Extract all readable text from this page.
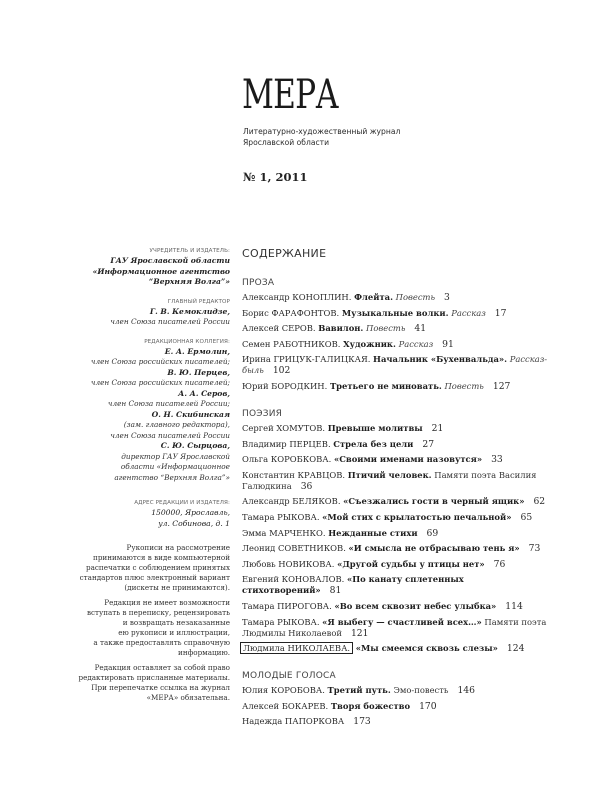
МЕРА
Литературно-художественный журнал
Ярославской области
№ 1, 2011
УЧРЕДИТЕЛЬ И ИЗДАТЕЛЬ:
ГАУ Ярославской области
«Информационное агентство
“Верхняя Волга”»
ГЛАВНЫЙ РЕДАКТОР
Г. В. Кемоклидзе,
член Союза писателей России
РЕДАКЦИОННАЯ КОЛЛЕГИЯ:
Е. А. Ермолин,
член Союза российских писателей;
В. Ю. Перцев,
член Союза российских писателей;
А. А. Серов,
член Союза писателей России;
О. Н. Скибинская
(зам. главного редактора),
член Союза писателей России
С. Ю. Сырцова,
директор ГАУ Ярославской
области «Информационное
агентство “Верхняя Волга”»
АДРЕС РЕДАКЦИИ И ИЗДАТЕЛЯ:
150000, Ярославль,
ул. Собинова, д. 1
Рукописи на рассмотрение
принимаются в виде компьютерной
распечатки с соблюдением принятых
стандартов плюс электронный вариант
(дискеты не принимаются).
Редакция не имеет возможности
вступать в переписку, рецензировать
и возвращать незаказанные
ею рукописи и иллюстрации,
а также предоставлять справочную
информацию.
Редакция оставляет за собой право
редактировать присланные материалы.
При перепечатке ссылка на журнал
«МЕРА» обязательна.
СОДЕРЖАНИЕ
ПРОЗА
Александр КОНОПЛИН. Флейта. Повесть 3
Борис ФАРАФОНТОВ. Музыкальные волки. Рассказ 17
Алексей СЕРОВ. Вавилон. Повесть 41
Семен РАБОТНИКОВ. Художник. Рассказ 91
Ирина ГРИЦУК-ГАЛИЦКАЯ. Начальник «Бухенвальда». Рассказ-быль 102
Юрий БОРОДКИН. Третьего не миновать. Повесть 127
ПОЭЗИЯ
Сергей ХОМУТОВ. Превыше молитвы 21
Владимир ПЕРЦЕВ. Стрела без цели 27
Ольга КОРОБКОВА. «Своими именами назовутся» 33
Константин КРАВЦОВ. Птичий человек. Памяти поэта Василия Галюдкина 36
Александр БЕЛЯКОВ. «Съезжались гости в черный ящик» 62
Тамара РЫКОВА. «Мой стих с крылатостью печальной» 65
Эмма МАРЧЕНКО. Нежданные стихи 69
Леонид СОВЕТНИКОВ. «И смысла не отбрасываю тень я» 73
Любовь НОВИКОВА. «Другой судьбы у птицы нет» 76
Евгений КОНОВАЛОВ. «По канату сплетенных стихотворений» 81
Тамара ПИРОГОВА. «Во всем сквозит небес улыбка» 114
Тамара РЫКОВА. «Я выбегу — счастливей всех…» Памяти поэта Людмилы Николаевой 121
Людмила НИКОЛАЕВА. «Мы смеемся сквозь слезы» 124
МОЛОДЫЕ ГОЛОСА
Юлия КОРОБОВА. Третий путь. Эмо-повесть 146
Алексей БОКАРЕВ. Творя божество 170
Надежда ПАПОРКОВА 173
